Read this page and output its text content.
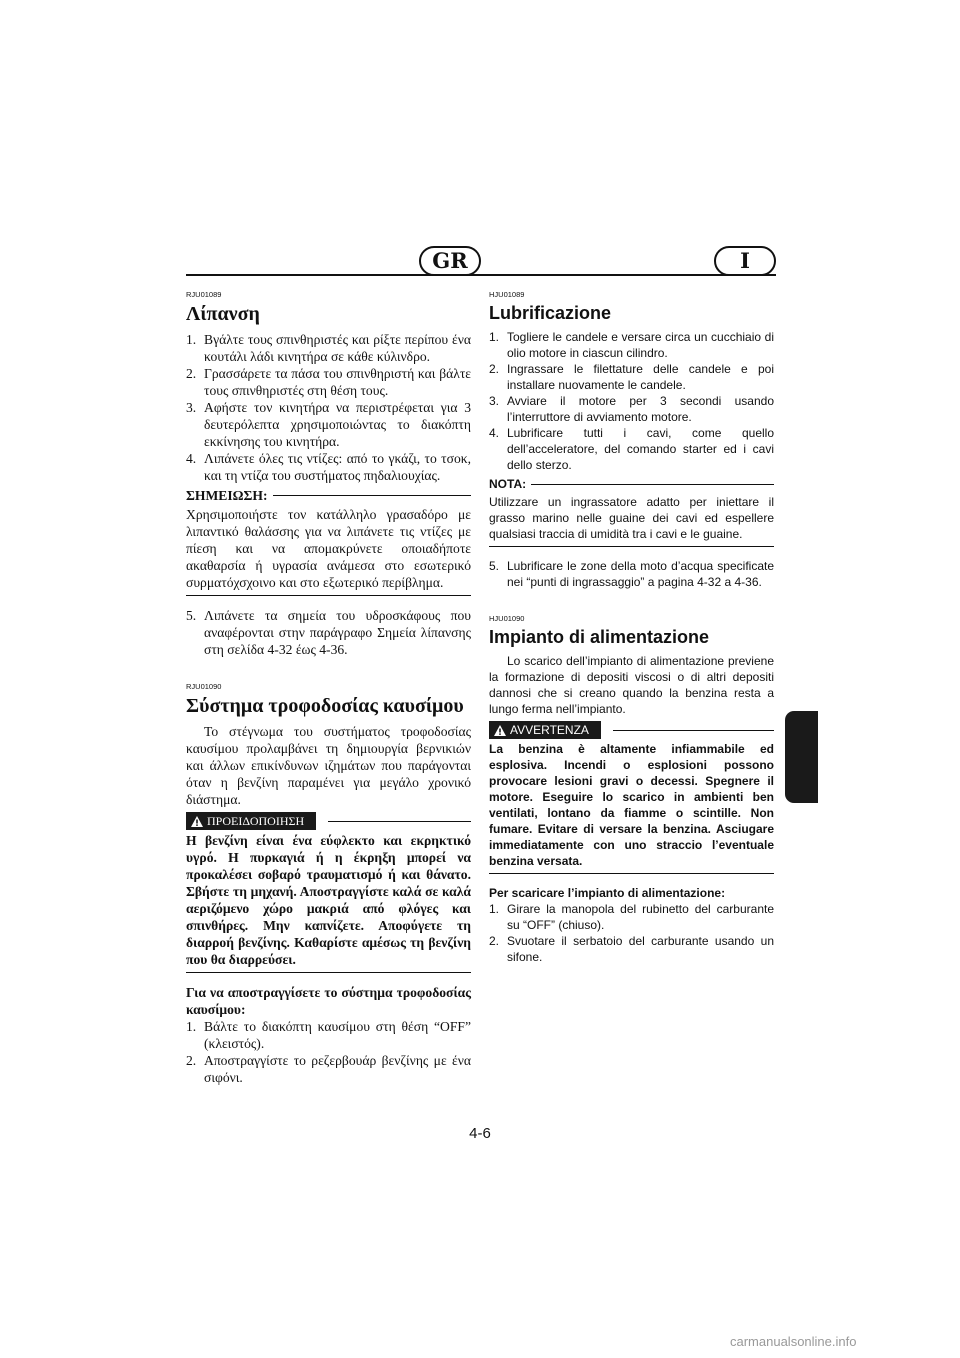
GR	I

RJU01089

Λίπανση
1. Βγάλτε τους σπινθηριστές και ρίξτε περίπου ένα κουτάλι λάδι κινητήρα σε κάθε κύλινδρο.
2. Γρασσάρετε τα πάσα του σπινθηριστή και βάλτε τους σπινθηριστές στη θέση τους.
3. Αφήστε τον κινητήρα να περιστρέφεται για 3 δευτερόλεπτα χρησιμοποιώντας το διακόπτη εκκίνησης του κινητήρα.
4. Λιπάνετε όλες τις ντίζες: από το γκάζι, το τσοκ, και τη ντίζα του συστήματος πηδαλιουχίας.
ΣΗΜΕΙΩΣΗ:

Χρησιμοποιήστε τον κατάλληλο γρασαδόρο με λιπαντικό θαλάσσης για να λιπάνετε τις ντίζες με πίεση και να απομακρύνετε οποιαδήποτε ακαθαρσία ή υγρασία ανάμεσα στο εσωτερικό συρματόχσχοινο και στο εξωτερικό περίβλημα.

5. Λιπάνετε τα σημεία του υδροσκάφους που αναφέρονται στην παράγραφο Σημεία λίπανσης στη σελίδα 4-32 έως 4-36.

RJU01090

Σύστημα τροφοδοσίας καυσίμου

Το στέγνωμα του συστήματος τροφοδοσίας καυσίμου προλαμβάνει τη δημιουργία βερνικιών και άλλων επικίνδυνων ιζημάτων που παράγονται όταν η βενζίνη παραμένει για μεγάλο χρονικό διάστημα.

ΠΡΟΕΙΔΟΠΟΙΗΣΗ

Η βενζίνη είναι ένα εύφλεκτο και εκρηκτικό υγρό. Η πυρκαγιά ή η έκρηξη μπορεί να προκαλέσει σοβαρό τραυματισμό ή και θάνατο. Σβήστε τη μηχανή. Αποστραγγίστε καλά σε καλά αεριζόμενο χώρο μακριά από φλόγες και σπινθήρες. Μην καπνίζετε. Αποφύγετε τη διαρροή βενζίνης. Καθαρίστε αμέσως τη βενζίνη που θα διαρρεύσει.

Για να αποστραγγίσετε το σύστημα τροφοδοσίας καυσίμου:

1. Βάλτε το διακόπτη καυσίμου στη θέση “OFF” (κλειστός).
2. Αποστραγγίστε το ρεζερβουάρ βενζίνης με ένα σιφόνι.

HJU01089

Lubrificazione
1. Togliere le candele e versare circa un cucchiaio di olio motore in ciascun cilindro.
2. Ingrassare le filettature delle candele e poi installare nuovamente le candele.
3. Avviare il motore per 3 secondi usando l’interruttore di avviamento motore.
4. Lubrificare tutti i cavi, come quello dell’acceleratore, del comando starter ed i cavi dello sterzo.
NOTA:

Utilizzare un ingrassatore adatto per iniettare il grasso marino nelle guaine dei cavi ed espellere qualsiasi traccia di umidità tra i cavi e le guaine.

5. Lubrificare le zone della moto d’acqua specificate nei “punti di ingrassaggio” a pagina 4-32 a 4-36.

HJU01090

Impianto di alimentazione

Lo scarico dell’impianto di alimentazione previene la formazione di depositi viscosi o di altri depositi dannosi che si creano quando la benzina resta a lungo ferma nell’impianto.

AVVERTENZA

La benzina è altamente infiammabile ed esplosiva. Incendi o esplosioni possono provocare lesioni gravi o decessi. Spegnere il motore. Eseguire lo scarico in ambienti ben ventilati, lontano da fiamme o scintille. Non fumare. Evitare di versare la benzina. Asciugare immediatamente con uno straccio l’eventuale benzina versata.

Per scaricare l’impianto di alimentazione:

1. Girare la manopola del rubinetto del carburante su “OFF” (chiuso).
2. Svuotare il serbatoio del carburante usando un sifone.
4-6
carmanualsonline.info
